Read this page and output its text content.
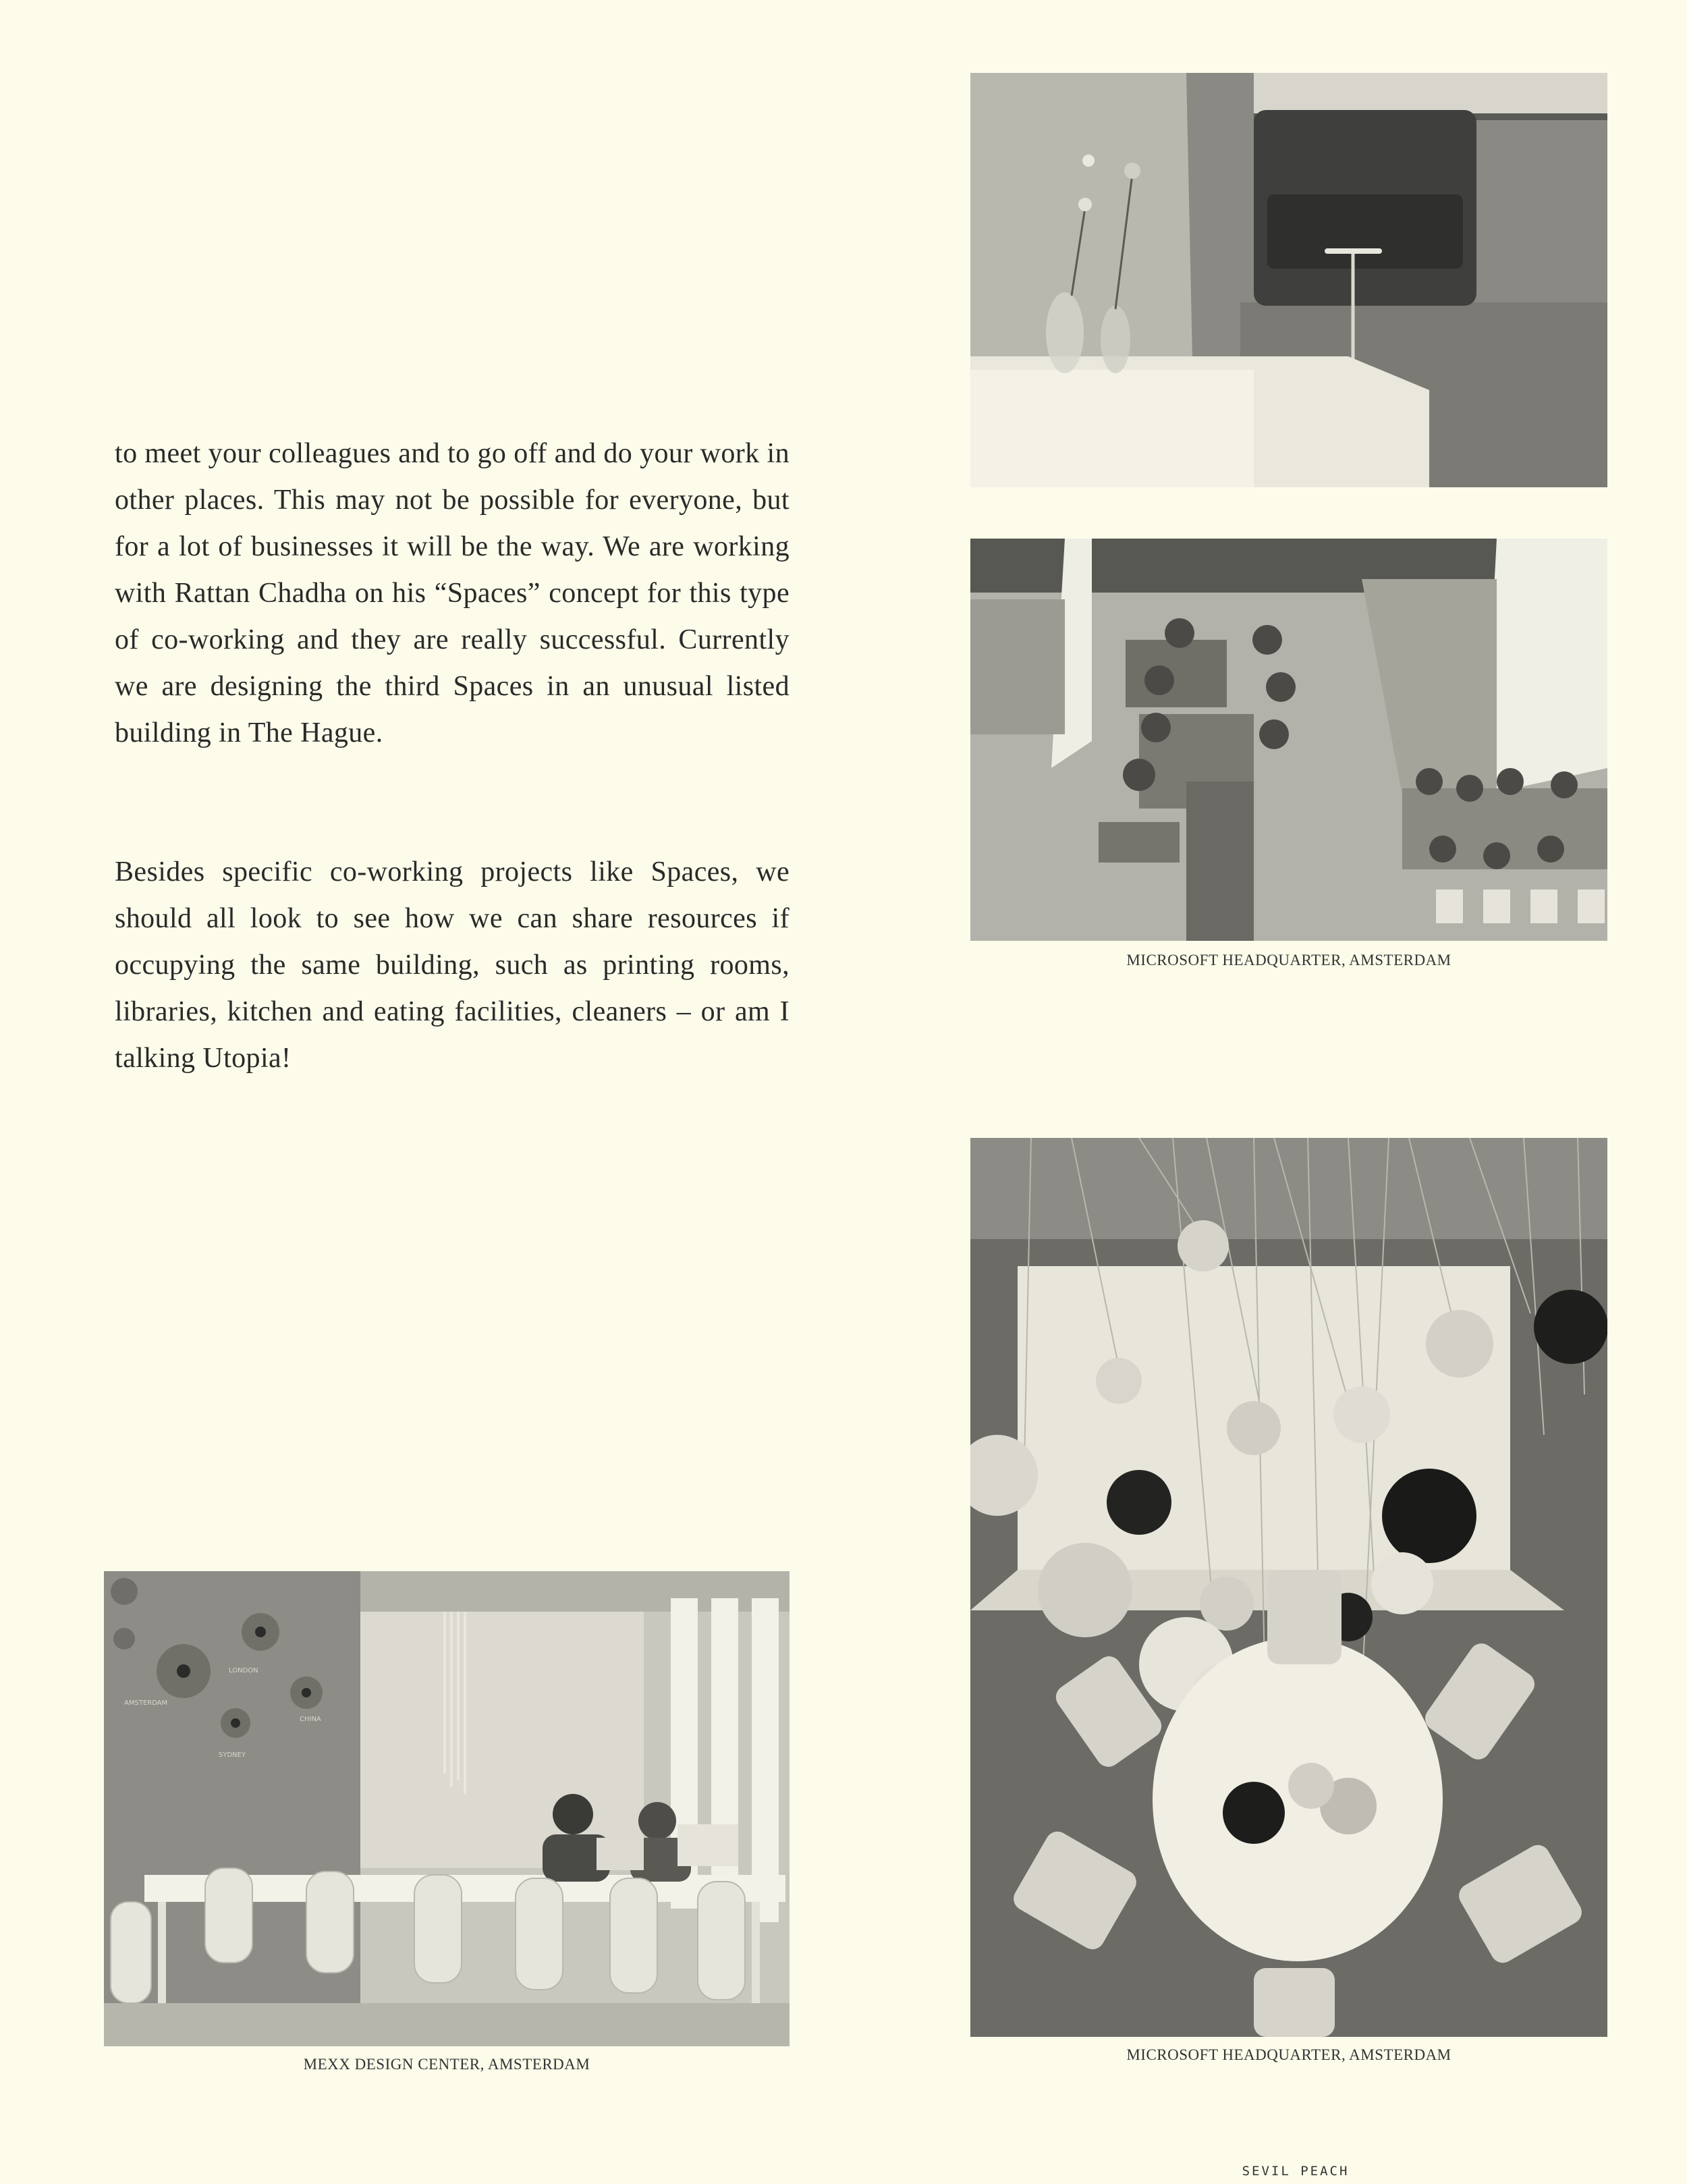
to meet your colleagues and to go off and do your work in other places. This may not be possible for everyone, but for a lot of businesses it will be the way. We are working with Rattan Chadha on his “Spaces” concept for this type of co-working and they are really successful. Currently we are designing the third Spaces in an unusual listed building in The Hague.

Besides specific co-working projects like Spaces, we should all look to see how we can share resources if occupying the same building, such as printing rooms, libraries, kitchen and eating facilities, cleaners – or am I talking Utopia!

MICROSOFT HEADQUARTER, AMSTERDAM

MICROSOFT HEADQUARTER, AMSTERDAM

AMSTERDAM
LONDON
SYDNEY
CHINA

MEXX DESIGN CENTER, AMSTERDAM

SEVIL PEACH
